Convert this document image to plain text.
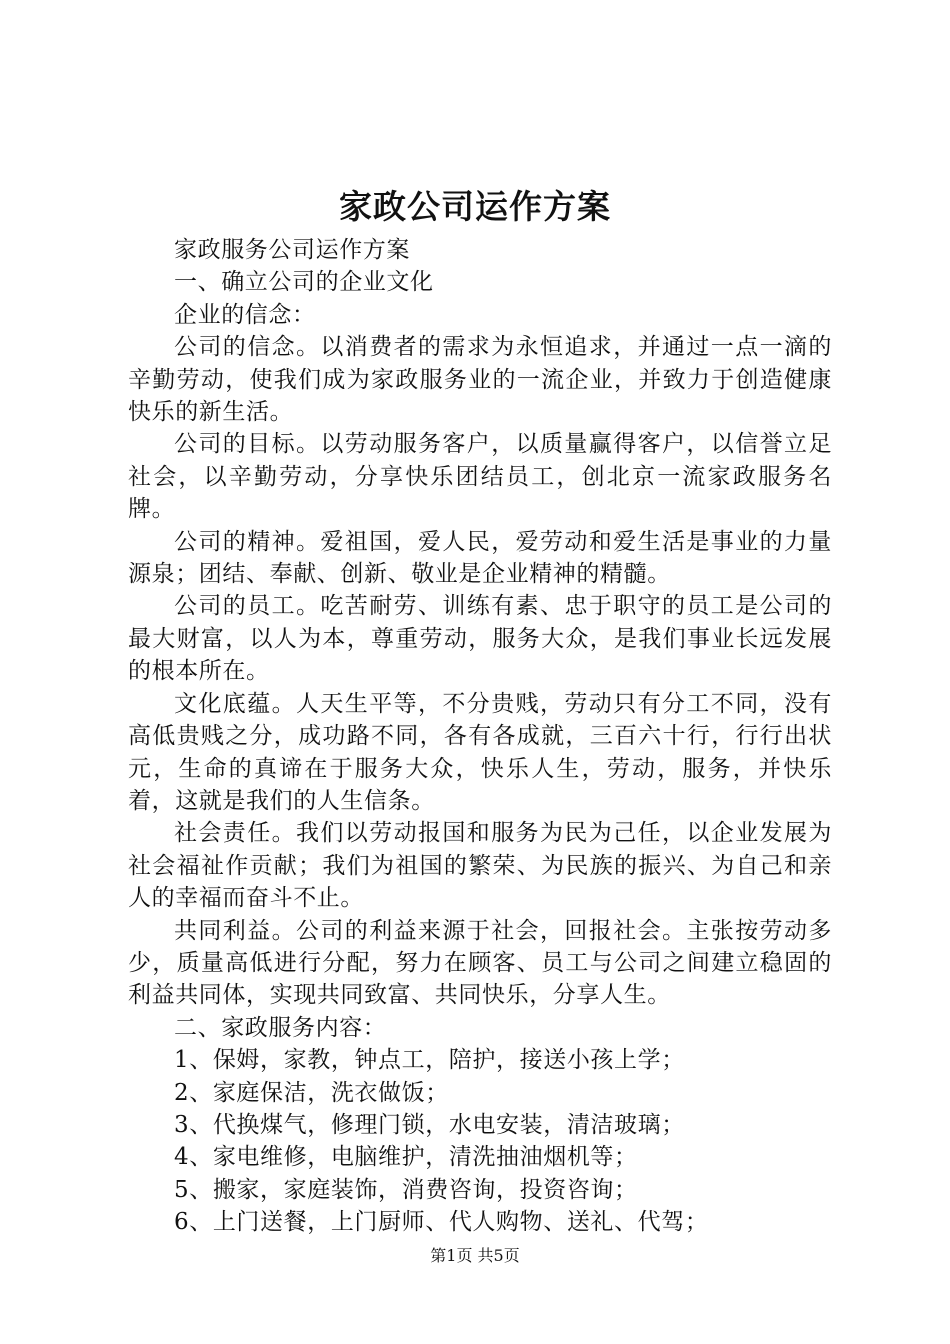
家政公司运作方案

家政服务公司运作方案

一、确立公司的企业文化

企业的信念：

公司的信念。以消费者的需求为永恒追求，并通过一点一滴的辛勤劳动，使我们成为家政服务业的一流企业，并致力于创造健康快乐的新生活。

公司的目标。以劳动服务客户，以质量赢得客户，以信誉立足社会，以辛勤劳动，分享快乐团结员工，创北京一流家政服务名牌。

公司的精神。爱祖国，爱人民，爱劳动和爱生活是事业的力量源泉；团结、奉献、创新、敬业是企业精神的精髓。

公司的员工。吃苦耐劳、训练有素、忠于职守的员工是公司的最大财富，以人为本，尊重劳动，服务大众，是我们事业长远发展的根本所在。

文化底蕴。人天生平等，不分贵贱，劳动只有分工不同，没有高低贵贱之分，成功路不同，各有各成就，三百六十行，行行出状元，生命的真谛在于服务大众，快乐人生，劳动，服务，并快乐着，这就是我们的人生信条。

社会责任。我们以劳动报国和服务为民为己任，以企业发展为社会福祉作贡献；我们为祖国的繁荣、为民族的振兴、为自己和亲人的幸福而奋斗不止。

共同利益。公司的利益来源于社会，回报社会。主张按劳动多少，质量高低进行分配，努力在顾客、员工与公司之间建立稳固的利益共同体，实现共同致富、共同快乐，分享人生。

二、家政服务内容：

1、保姆，家教，钟点工，陪护，接送小孩上学；

2、家庭保洁，洗衣做饭；

3、代换煤气，修理门锁，水电安装，清洁玻璃；

4、家电维修，电脑维护，清洗抽油烟机等；

5、搬家，家庭装饰，消费咨询，投资咨询；

6、上门送餐，上门厨师、代人购物、送礼、代驾；

第1页 共5页
